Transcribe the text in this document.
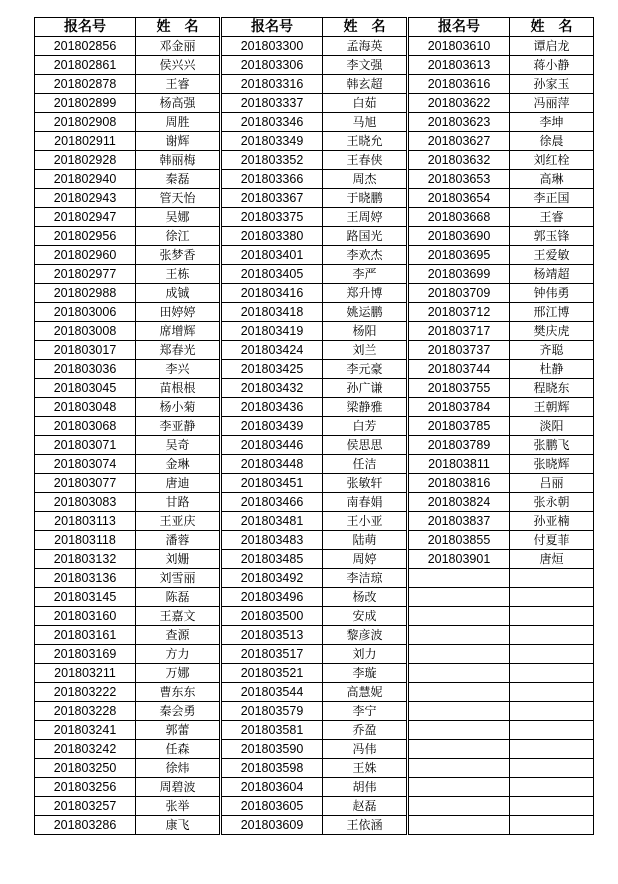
报名号	姓　名		报名号	姓　名		报名号	姓　名
201802856	邓金丽		201803300	孟海英		201803610	谭启龙
201802861	侯兴兴		201803306	李文强		201803613	蒋小静
201802878	王睿		201803316	韩玄超		201803616	孙家玉
201802899	杨高强		201803337	白茹		201803622	冯丽萍
201802908	周胜		201803346	马旭		201803623	李坤
201802911	谢辉		201803349	王晓允		201803627	徐晨
201802928	韩丽梅		201803352	王春侠		201803632	刘红栓
201802940	秦磊		201803366	周杰		201803653	高琳
201802943	管天怡		201803367	于晓鹏		201803654	李正国
201802947	吴娜		201803375	王周婷		201803668	王睿
201802956	徐江		201803380	路国光		201803690	郭玉锋
201802960	张梦香		201803401	李欢杰		201803695	王爱敏
201802977	王栋		201803405	李严		201803699	杨靖超
201802988	成铖		201803416	郑升博		201803709	钟伟勇
201803006	田婷婷		201803418	姚运鹏		201803712	邢江博
201803008	席增辉		201803419	杨阳		201803717	樊庆虎
201803017	郑春光		201803424	刘兰		201803737	齐聪
201803036	李兴		201803425	李元豪		201803744	杜静
201803045	苗根根		201803432	孙广谦		201803755	程晓东
201803048	杨小菊		201803436	梁静雅		201803784	王朝辉
201803068	李亚静		201803439	白芳		201803785	淡阳
201803071	吴奇		201803446	侯思思		201803789	张鹏飞
201803074	金琳		201803448	任洁		201803811	张晓辉
201803077	唐迪		201803451	张敏轩		201803816	吕丽
201803083	甘路		201803466	南春娟		201803824	张永朝
201803113	王亚庆		201803481	王小亚		201803837	孙亚楠
201803118	潘蓉		201803483	陆萌		201803855	付夏菲
201803132	刘姗		201803485	周婷		201803901	唐烜
201803136	刘雪丽		201803492	李洁琼			
201803145	陈磊		201803496	杨改			
201803160	王嘉文		201803500	安成			
201803161	查源		201803513	黎彦波			
201803169	方力		201803517	刘力			
201803211	万娜		201803521	李璇			
201803222	曹东东		201803544	高慧妮			
201803228	秦会勇		201803579	李宁			
201803241	郭蕾		201803581	乔盈			
201803242	任森		201803590	冯伟			
201803250	徐炜		201803598	王姝			
201803256	周碧波		201803604	胡伟			
201803257	张举		201803605	赵磊			
201803286	康飞		201803609	王依涵			
